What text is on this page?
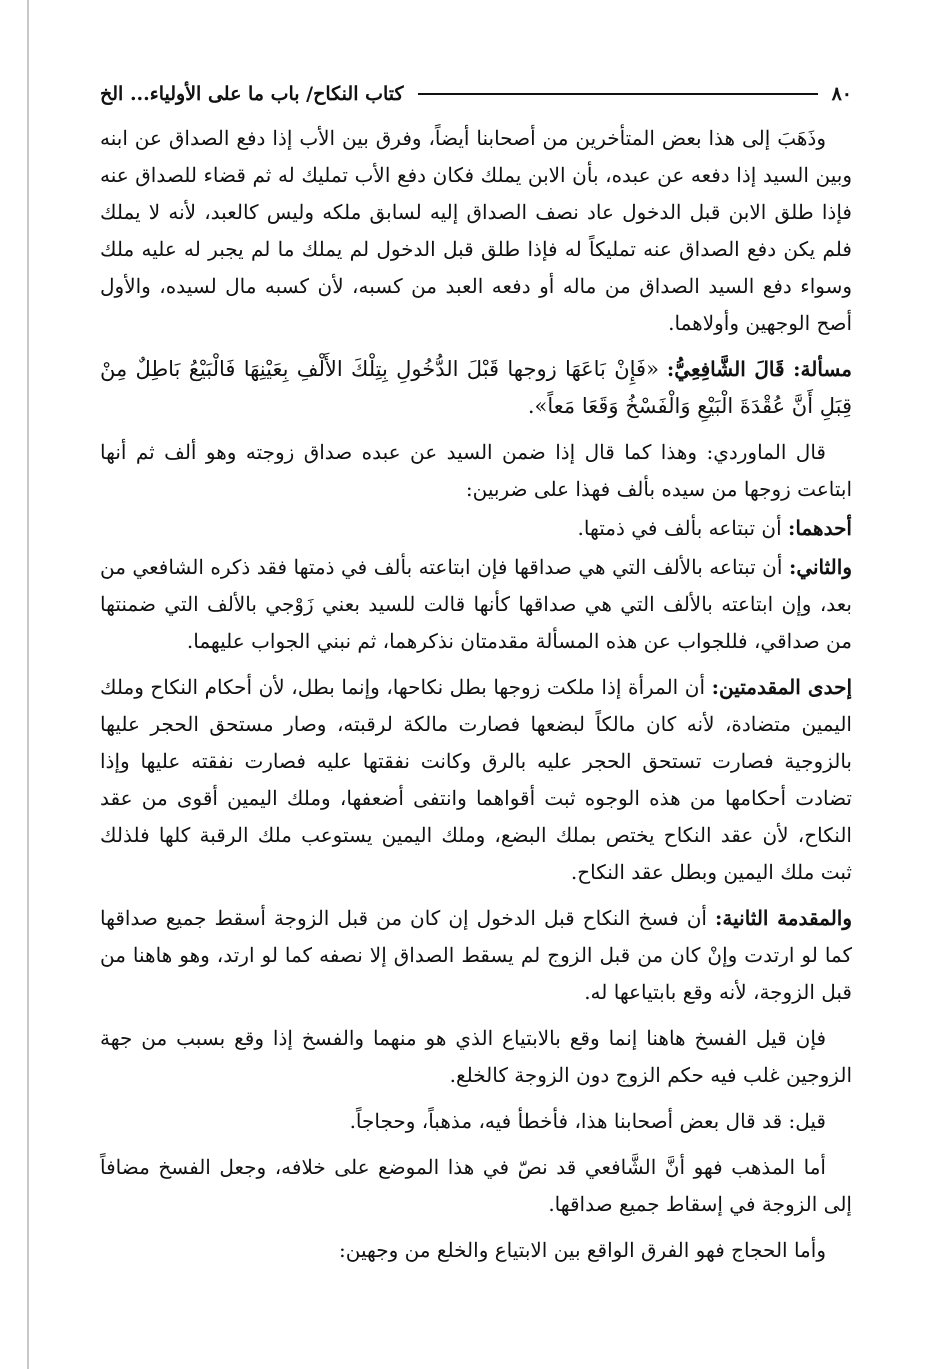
٨٠
كتاب النكاح/ باب ما على الأولياء... الخ

وذَهَبَ إلى هذا بعض المتأخرين من أصحابنا أيضاً، وفرق بين الأب إذا دفع الصداق عن ابنه وبين السيد إذا دفعه عن عبده، بأن الابن يملك فكان دفع الأب تمليك له ثم قضاء للصداق عنه فإذا طلق الابن قبل الدخول عاد نصف الصداق إليه لسابق ملكه وليس كالعبد، لأنه لا يملك فلم يكن دفع الصداق عنه تمليكاً له فإذا طلق قبل الدخول لم يملك ما لم يجبر له عليه ملك وسواء دفع السيد الصداق من ماله أو دفعه العبد من كسبه، لأن كسبه مال لسيده، والأول أصح الوجهين وأولاهما.

مسألة: قَالَ الشَّافِعِيُّ: «فَإِنْ بَاعَهَا زوجها قَبْلَ الدُّخُولِ بِتِلْكَ الأَلْفِ بِعَيْنِهَا فَالْبَيْعُ بَاطِلٌ مِنْ قِبَلِ أَنَّ عُقْدَةَ الْبَيْعِ وَالْفَسْخُ وَقَعَا مَعاً».

قال الماوردي: وهذا كما قال إذا ضمن السيد عن عبده صداق زوجته وهو ألف ثم أنها ابتاعت زوجها من سيده بألف فهذا على ضربين:

أحدهما: أن تبتاعه بألف في ذمتها.

والثاني: أن تبتاعه بالألف التي هي صداقها فإن ابتاعته بألف في ذمتها فقد ذكره الشافعي من بعد، وإن ابتاعته بالألف التي هي صداقها كأنها قالت للسيد بعني زَوْجي بالألف التي ضمنتها من صداقي، فللجواب عن هذه المسألة مقدمتان نذكرهما، ثم نبني الجواب عليهما.

إحدى المقدمتين: أن المرأة إذا ملكت زوجها بطل نكاحها، وإنما بطل، لأن أحكام النكاح وملك اليمين متضادة، لأنه كان مالكاً لبضعها فصارت مالكة لرقبته، وصار مستحق الحجر عليها بالزوجية فصارت تستحق الحجر عليه بالرق وكانت نفقتها عليه فصارت نفقته عليها وإذا تضادت أحكامها من هذه الوجوه ثبت أقواهما وانتفى أضعفها، وملك اليمين أقوى من عقد النكاح، لأن عقد النكاح يختص بملك البضع، وملك اليمين يستوعب ملك الرقبة كلها فلذلك ثبت ملك اليمين وبطل عقد النكاح.

والمقدمة الثانية: أن فسخ النكاح قبل الدخول إن كان من قبل الزوجة أسقط جميع صداقها كما لو ارتدت وإنْ كان من قبل الزوج لم يسقط الصداق إلا نصفه كما لو ارتد، وهو هاهنا من قبل الزوجة، لأنه وقع بابتياعها له.

فإن قيل الفسخ هاهنا إنما وقع بالابتياع الذي هو منهما والفسخ إذا وقع بسبب من جهة الزوجين غلب فيه حكم الزوج دون الزوجة كالخلع.

قيل: قد قال بعض أصحابنا هذا، فأخطأ فيه، مذهباً، وحجاجاً.

أما المذهب فهو أنَّ الشَّافعي قد نصّ في هذا الموضع على خلافه، وجعل الفسخ مضافاً إلى الزوجة في إسقاط جميع صداقها.

وأما الحجاج فهو الفرق الواقع بين الابتياع والخلع من وجهين:
